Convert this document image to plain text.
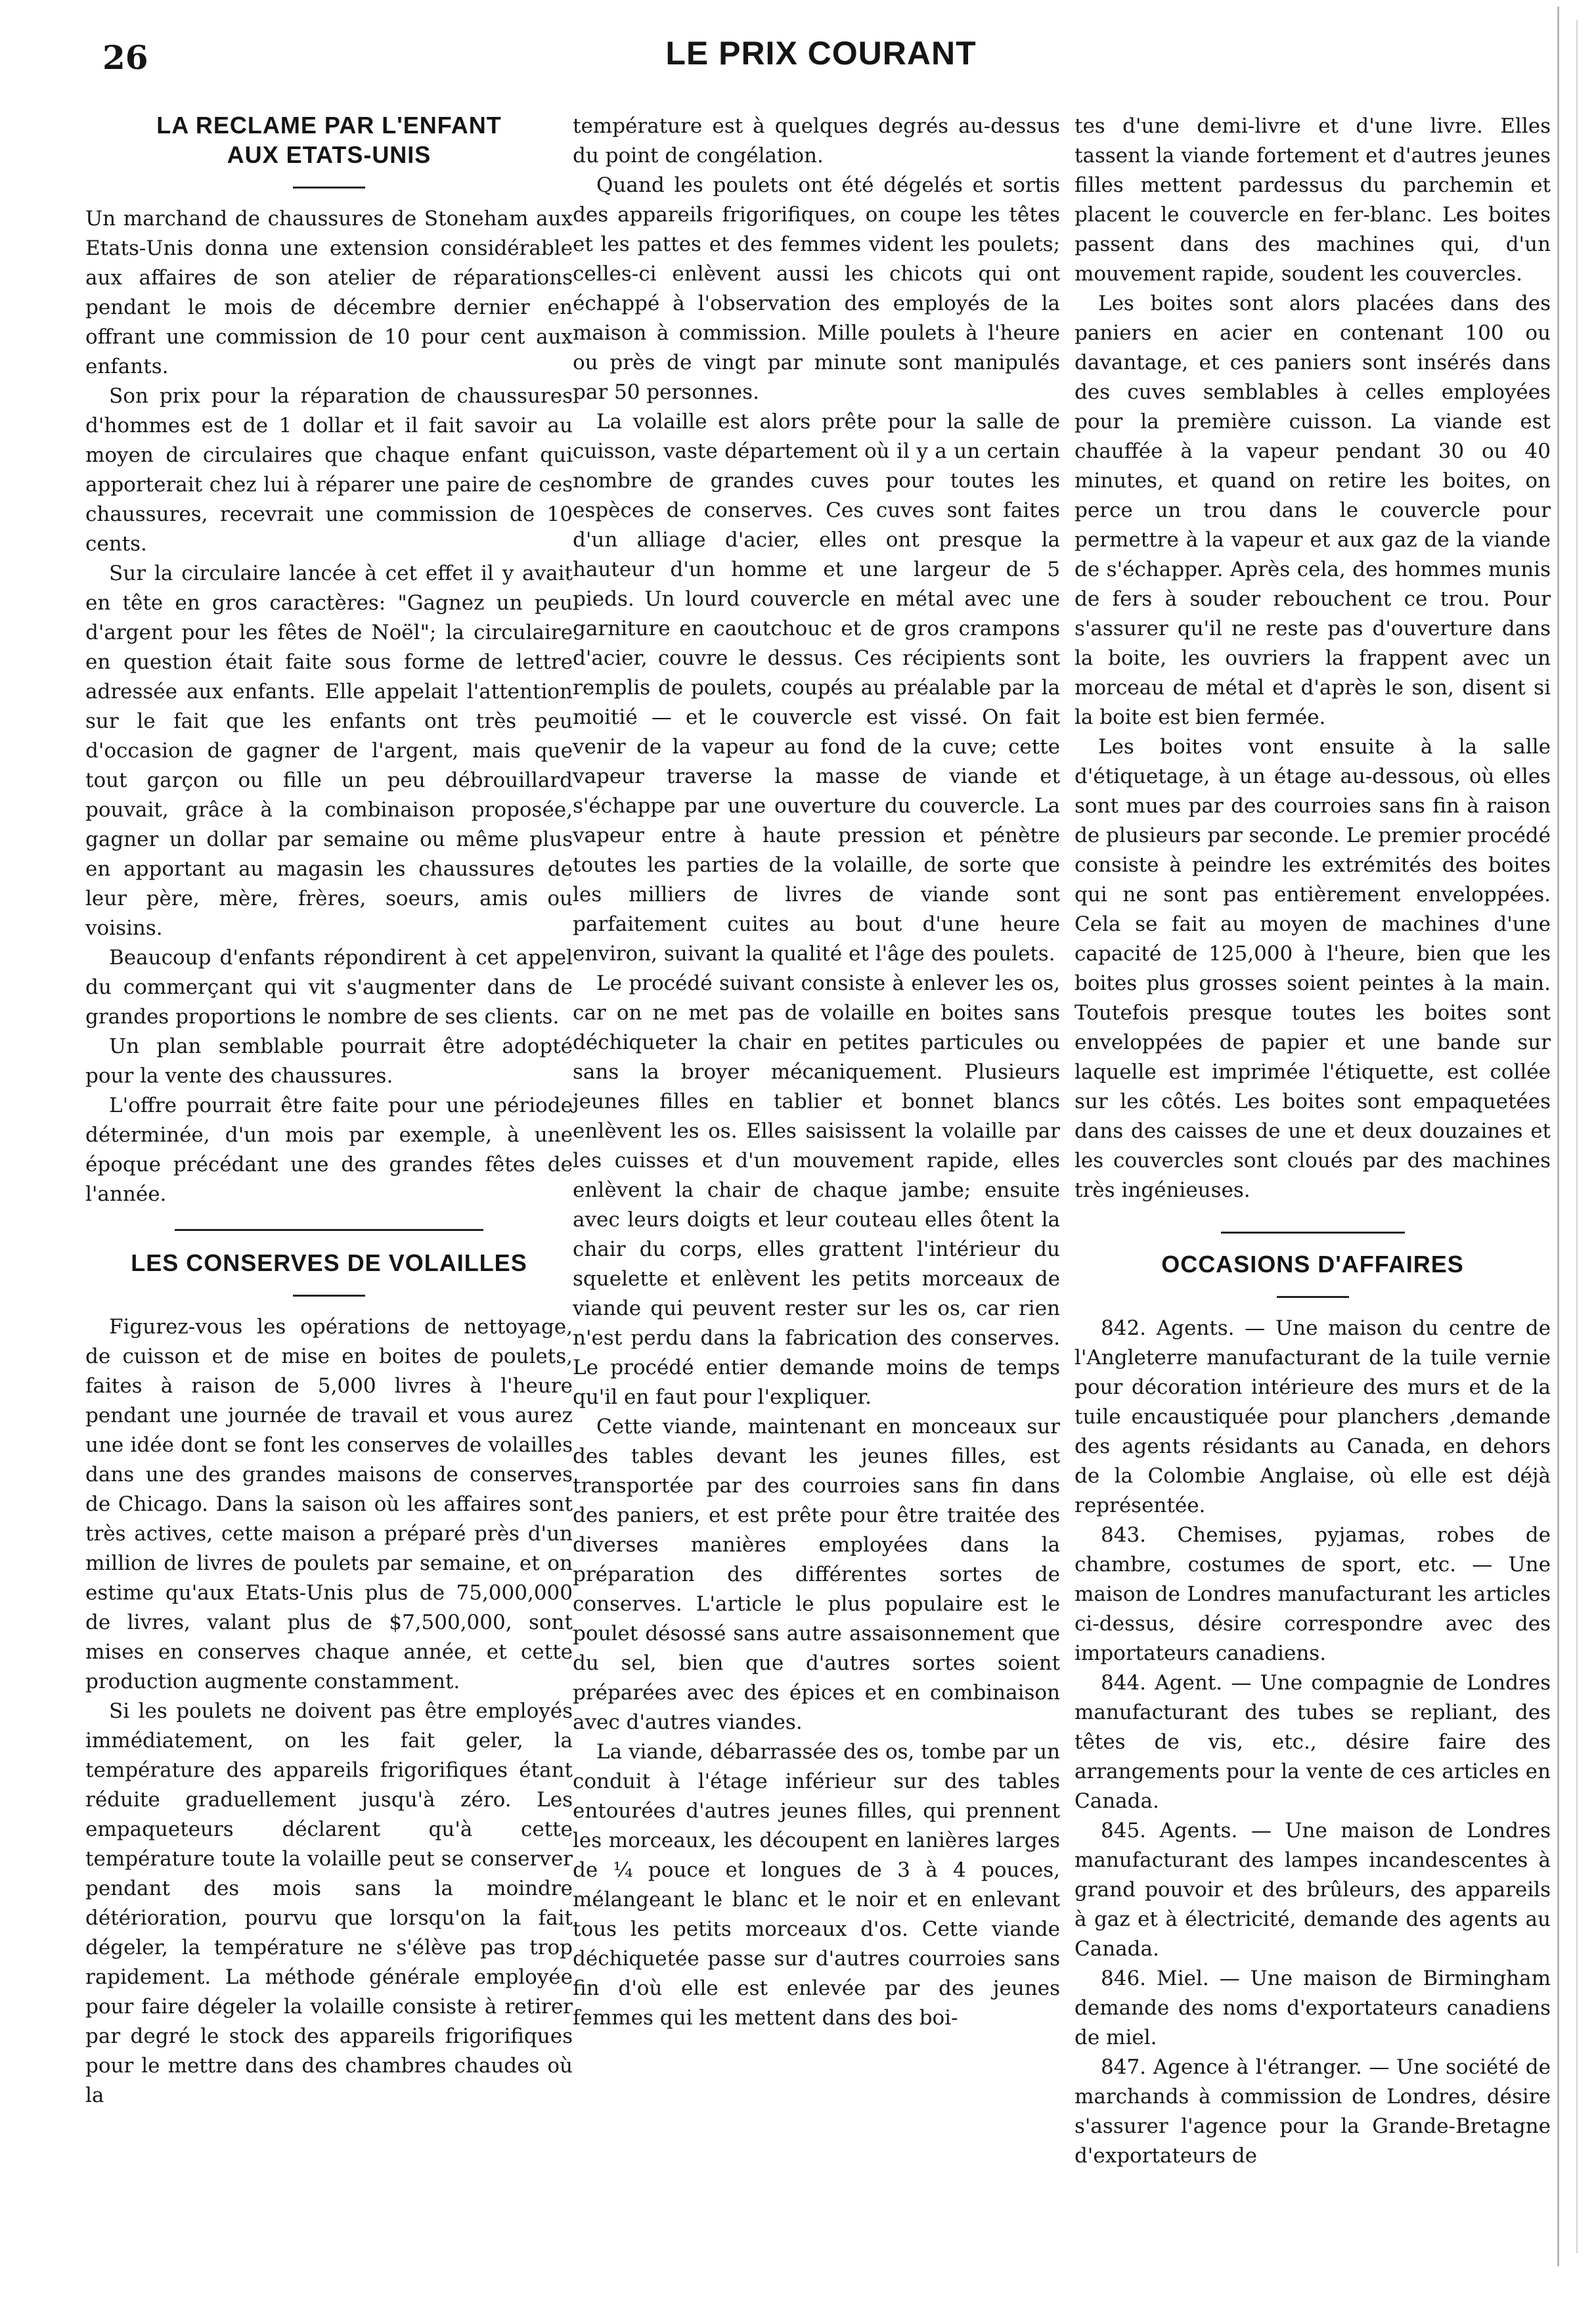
26	LE PRIX COURANT
LA RECLAME PAR L'ENFANT
AUX ETATS-UNIS

Un marchand de chaussures de Stoneham aux Etats-Unis donna une extension considérable aux affaires de son atelier de réparations pendant le mois de décembre dernier en offrant une commission de 10 pour cent aux enfants.

Son prix pour la réparation de chaussures d'hommes est de 1 dollar et il fait savoir au moyen de circulaires que chaque enfant qui apporterait chez lui à réparer une paire de ces chaussures, recevrait une commission de 10 cents.

Sur la circulaire lancée à cet effet il y avait en tête en gros caractères: "Gagnez un peu d'argent pour les fêtes de Noël"; la circulaire en question était faite sous forme de lettre adressée aux enfants. Elle appelait l'attention sur le fait que les enfants ont très peu d'occasion de gagner de l'argent, mais que tout garçon ou fille un peu débrouillard pouvait, grâce à la combinaison proposée, gagner un dollar par semaine ou même plus en apportant au magasin les chaussures de leur père, mère, frères, soeurs, amis ou voisins.

Beaucoup d'enfants répondirent à cet appel du commerçant qui vit s'augmenter dans de grandes proportions le nombre de ses clients.

Un plan semblable pourrait être adopté pour la vente des chaussures.

L'offre pourrait être faite pour une période déterminée, d'un mois par exemple, à une époque précédant une des grandes fêtes de l'année.

LES CONSERVES DE VOLAILLES

Figurez-vous les opérations de nettoyage, de cuisson et de mise en boites de poulets, faites à raison de 5,000 livres à l'heure pendant une journée de travail et vous aurez une idée dont se font les conserves de volailles dans une des grandes maisons de conserves de Chicago. Dans la saison où les affaires sont très actives, cette maison a préparé près d'un million de livres de poulets par semaine, et on estime qu'aux Etats-Unis plus de 75,000,000 de livres, valant plus de $7,500,000, sont mises en conserves chaque année, et cette production augmente constamment.

Si les poulets ne doivent pas être employés immédiatement, on les fait geler, la température des appareils frigorifiques étant réduite graduellement jusqu'à zéro. Les empaqueteurs déclarent qu'à cette température toute la volaille peut se conserver pendant des mois sans la moindre détérioration, pourvu que lorsqu'on la fait dégeler, la température ne s'élève pas trop rapidement. La méthode générale employée pour faire dégeler la volaille consiste à retirer par degré le stock des appareils frigorifiques pour le mettre dans des chambres chaudes où la

température est à quelques degrés au-dessus du point de congélation.

Quand les poulets ont été dégelés et sortis des appareils frigorifiques, on coupe les têtes et les pattes et des femmes vident les poulets; celles-ci enlèvent aussi les chicots qui ont échappé à l'observation des employés de la maison à commission. Mille poulets à l'heure ou près de vingt par minute sont manipulés par 50 personnes.

La volaille est alors prête pour la salle de cuisson, vaste département où il y a un certain nombre de grandes cuves pour toutes les espèces de conserves. Ces cuves sont faites d'un alliage d'acier, elles ont presque la hauteur d'un homme et une largeur de 5 pieds. Un lourd couvercle en métal avec une garniture en caoutchouc et de gros crampons d'acier, couvre le dessus. Ces récipients sont remplis de poulets, coupés au préalable par la moitié — et le couvercle est vissé. On fait venir de la vapeur au fond de la cuve; cette vapeur traverse la masse de viande et s'échappe par une ouverture du couvercle. La vapeur entre à haute pression et pénètre toutes les parties de la volaille, de sorte que les milliers de livres de viande sont parfaitement cuites au bout d'une heure environ, suivant la qualité et l'âge des poulets.

Le procédé suivant consiste à enlever les os, car on ne met pas de volaille en boites sans déchiqueter la chair en petites particules ou sans la broyer mécaniquement. Plusieurs jeunes filles en tablier et bonnet blancs enlèvent les os. Elles saisissent la volaille par les cuisses et d'un mouvement rapide, elles enlèvent la chair de chaque jambe; ensuite avec leurs doigts et leur couteau elles ôtent la chair du corps, elles grattent l'intérieur du squelette et enlèvent les petits morceaux de viande qui peuvent rester sur les os, car rien n'est perdu dans la fabrication des conserves. Le procédé entier demande moins de temps qu'il en faut pour l'expliquer.

Cette viande, maintenant en monceaux sur des tables devant les jeunes filles, est transportée par des courroies sans fin dans des paniers, et est prête pour être traitée des diverses manières employées dans la préparation des différentes sortes de conserves. L'article le plus populaire est le poulet désossé sans autre assaisonnement que du sel, bien que d'autres sortes soient préparées avec des épices et en combinaison avec d'autres viandes.

La viande, débarrassée des os, tombe par un conduit à l'étage inférieur sur des tables entourées d'autres jeunes filles, qui prennent les morceaux, les découpent en lanières larges de ¼ pouce et longues de 3 à 4 pouces, mélangeant le blanc et le noir et en enlevant tous les petits morceaux d'os. Cette viande déchiquetée passe sur d'autres courroies sans fin d'où elle est enlevée par des jeunes femmes qui les mettent dans des boi-

tes d'une demi-livre et d'une livre. Elles tassent la viande fortement et d'autres jeunes filles mettent pardessus du parchemin et placent le couvercle en fer-blanc. Les boites passent dans des machines qui, d'un mouvement rapide, soudent les couvercles.

Les boites sont alors placées dans des paniers en acier en contenant 100 ou davantage, et ces paniers sont insérés dans des cuves semblables à celles employées pour la première cuisson. La viande est chauffée à la vapeur pendant 30 ou 40 minutes, et quand on retire les boites, on perce un trou dans le couvercle pour permettre à la vapeur et aux gaz de la viande de s'échapper. Après cela, des hommes munis de fers à souder rebouchent ce trou. Pour s'assurer qu'il ne reste pas d'ouverture dans la boite, les ouvriers la frappent avec un morceau de métal et d'après le son, disent si la boite est bien fermée.

Les boites vont ensuite à la salle d'étiquetage, à un étage au-dessous, où elles sont mues par des courroies sans fin à raison de plusieurs par seconde. Le premier procédé consiste à peindre les extrémités des boites qui ne sont pas entièrement enveloppées. Cela se fait au moyen de machines d'une capacité de 125,000 à l'heure, bien que les boites plus grosses soient peintes à la main. Toutefois presque toutes les boites sont enveloppées de papier et une bande sur laquelle est imprimée l'étiquette, est collée sur les côtés. Les boites sont empaquetées dans des caisses de une et deux douzaines et les couvercles sont cloués par des machines très ingénieuses.

OCCASIONS D'AFFAIRES

842. Agents. — Une maison du centre de l'Angleterre manufacturant de la tuile vernie pour décoration intérieure des murs et de la tuile encaustiquée pour planchers ,demande des agents résidants au Canada, en dehors de la Colombie Anglaise, où elle est déjà représentée.

843. Chemises, pyjamas, robes de chambre, costumes de sport, etc. — Une maison de Londres manufacturant les articles ci-dessus, désire correspondre avec des importateurs canadiens.

844. Agent. — Une compagnie de Londres manufacturant des tubes se repliant, des têtes de vis, etc., désire faire des arrangements pour la vente de ces articles en Canada.

845. Agents. — Une maison de Londres manufacturant des lampes incandescentes à grand pouvoir et des brûleurs, des appareils à gaz et à électricité, demande des agents au Canada.

846. Miel. — Une maison de Birmingham demande des noms d'exportateurs canadiens de miel.

847. Agence à l'étranger. — Une société de marchands à commission de Londres, désire s'assurer l'agence pour la Grande-Bretagne d'exportateurs de
